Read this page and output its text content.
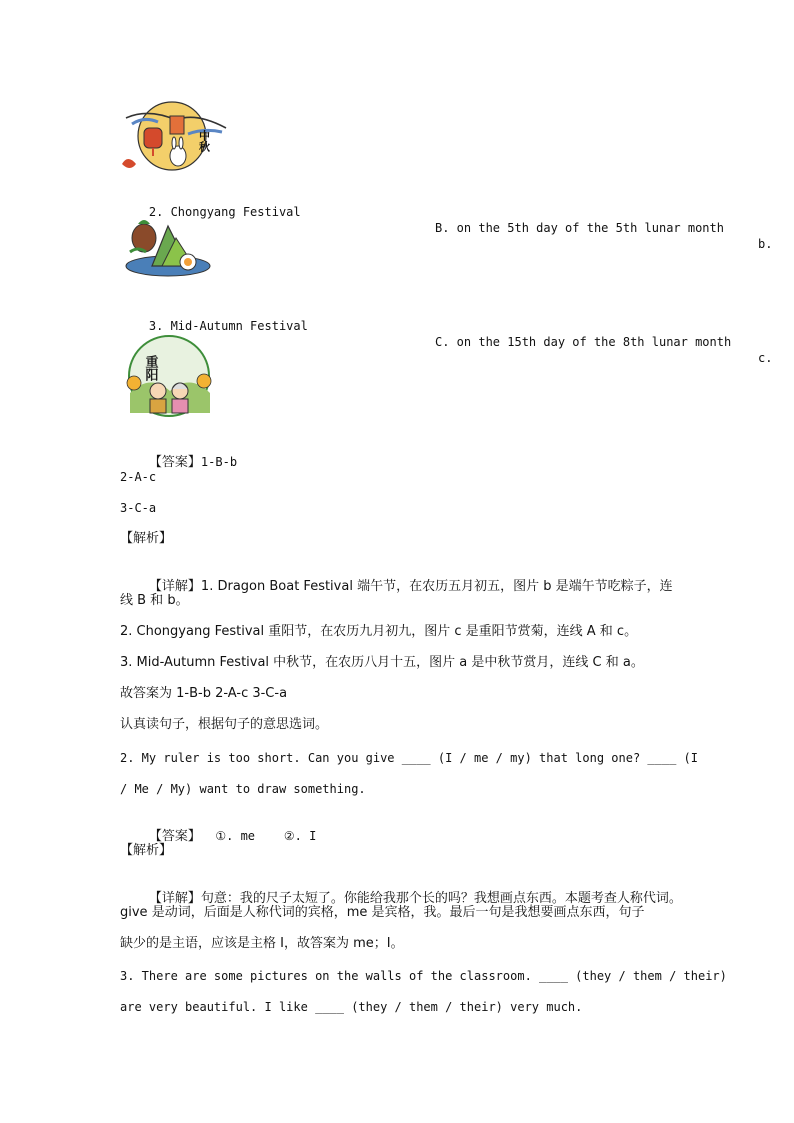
中秋

2. Chongyang Festival

B. on the 5th day of the 5th lunar month

b.

3. Mid-Autumn Festival

C. on the 15th day of the 8th lunar month

c.

重阳

【答案】1-B-b

2-A-c
3-C-a
【解析】

【详解】1. Dragon Boat Festival 端午节，在农历五月初五，图片 b 是端午节吃粽子，连

线 B 和 b。
2. Chongyang Festival 重阳节，在农历九月初九，图片 c 是重阳节赏菊，连线 A 和 c。
3. Mid-Autumn Festival 中秋节，在农历八月十五，图片 a 是中秋节赏月，连线 C 和 a。
故答案为 1-B-b 2-A-c 3-C-a
认真读句子，根据句子的意思选词。
2. My ruler is too short. Can you give ____ (I / me / my) that long one? ____ (I
/ Me / My) want to draw something.

【答案】  ①. me    ②. I

【解析】

【详解】句意：我的尺子太短了。你能给我那个长的吗？我想画点东西。本题考查人称代词。

give 是动词，后面是人称代词的宾格，me 是宾格，我。最后一句是我想要画点东西，句子
缺少的是主语，应该是主格 I，故答案为 me；I。
3. There are some pictures on the walls of the classroom. ____ (they / them / their)
are very beautiful. I like ____ (they / them / their) very much.
